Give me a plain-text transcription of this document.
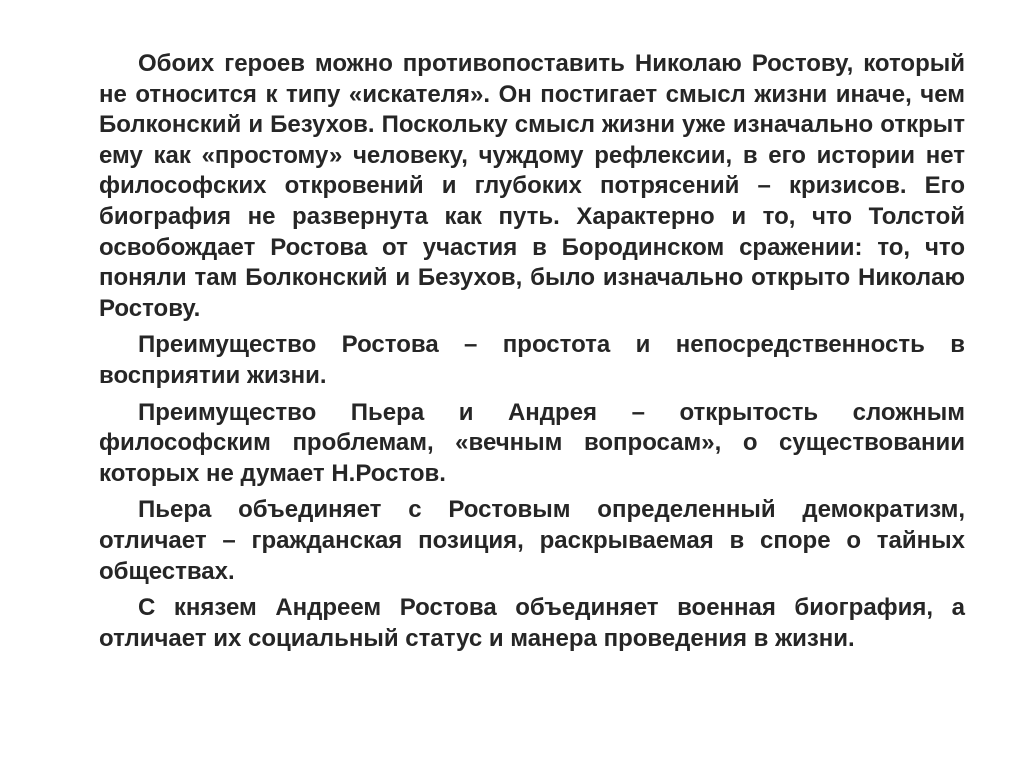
Обоих героев можно противопоставить Николаю Ростову, который не относится к типу «искателя». Он постигает смысл жизни иначе, чем Болконский и Безухов. Поскольку смысл жизни уже изначально открыт ему как «простому» человеку, чуждому рефлексии, в его истории нет философских откровений и глубоких потрясений – кризисов. Его биография не развернута как путь. Характерно и то, что Толстой освобождает Ростова от участия в Бородинском сражении: то, что поняли там Болконский и Безухов, было изначально открыто Николаю Ростову.

Преимущество Ростова – простота и непосредственность в восприятии жизни.

Преимущество Пьера и Андрея – открытость сложным философским проблемам, «вечным вопросам», о существовании которых не думает Н.Ростов.

Пьера объединяет с Ростовым определенный демократизм, отличает – гражданская позиция, раскрываемая в споре о тайных обществах.

С князем Андреем Ростова объединяет военная биография, а отличает их социальный статус и манера проведения в жизни.
